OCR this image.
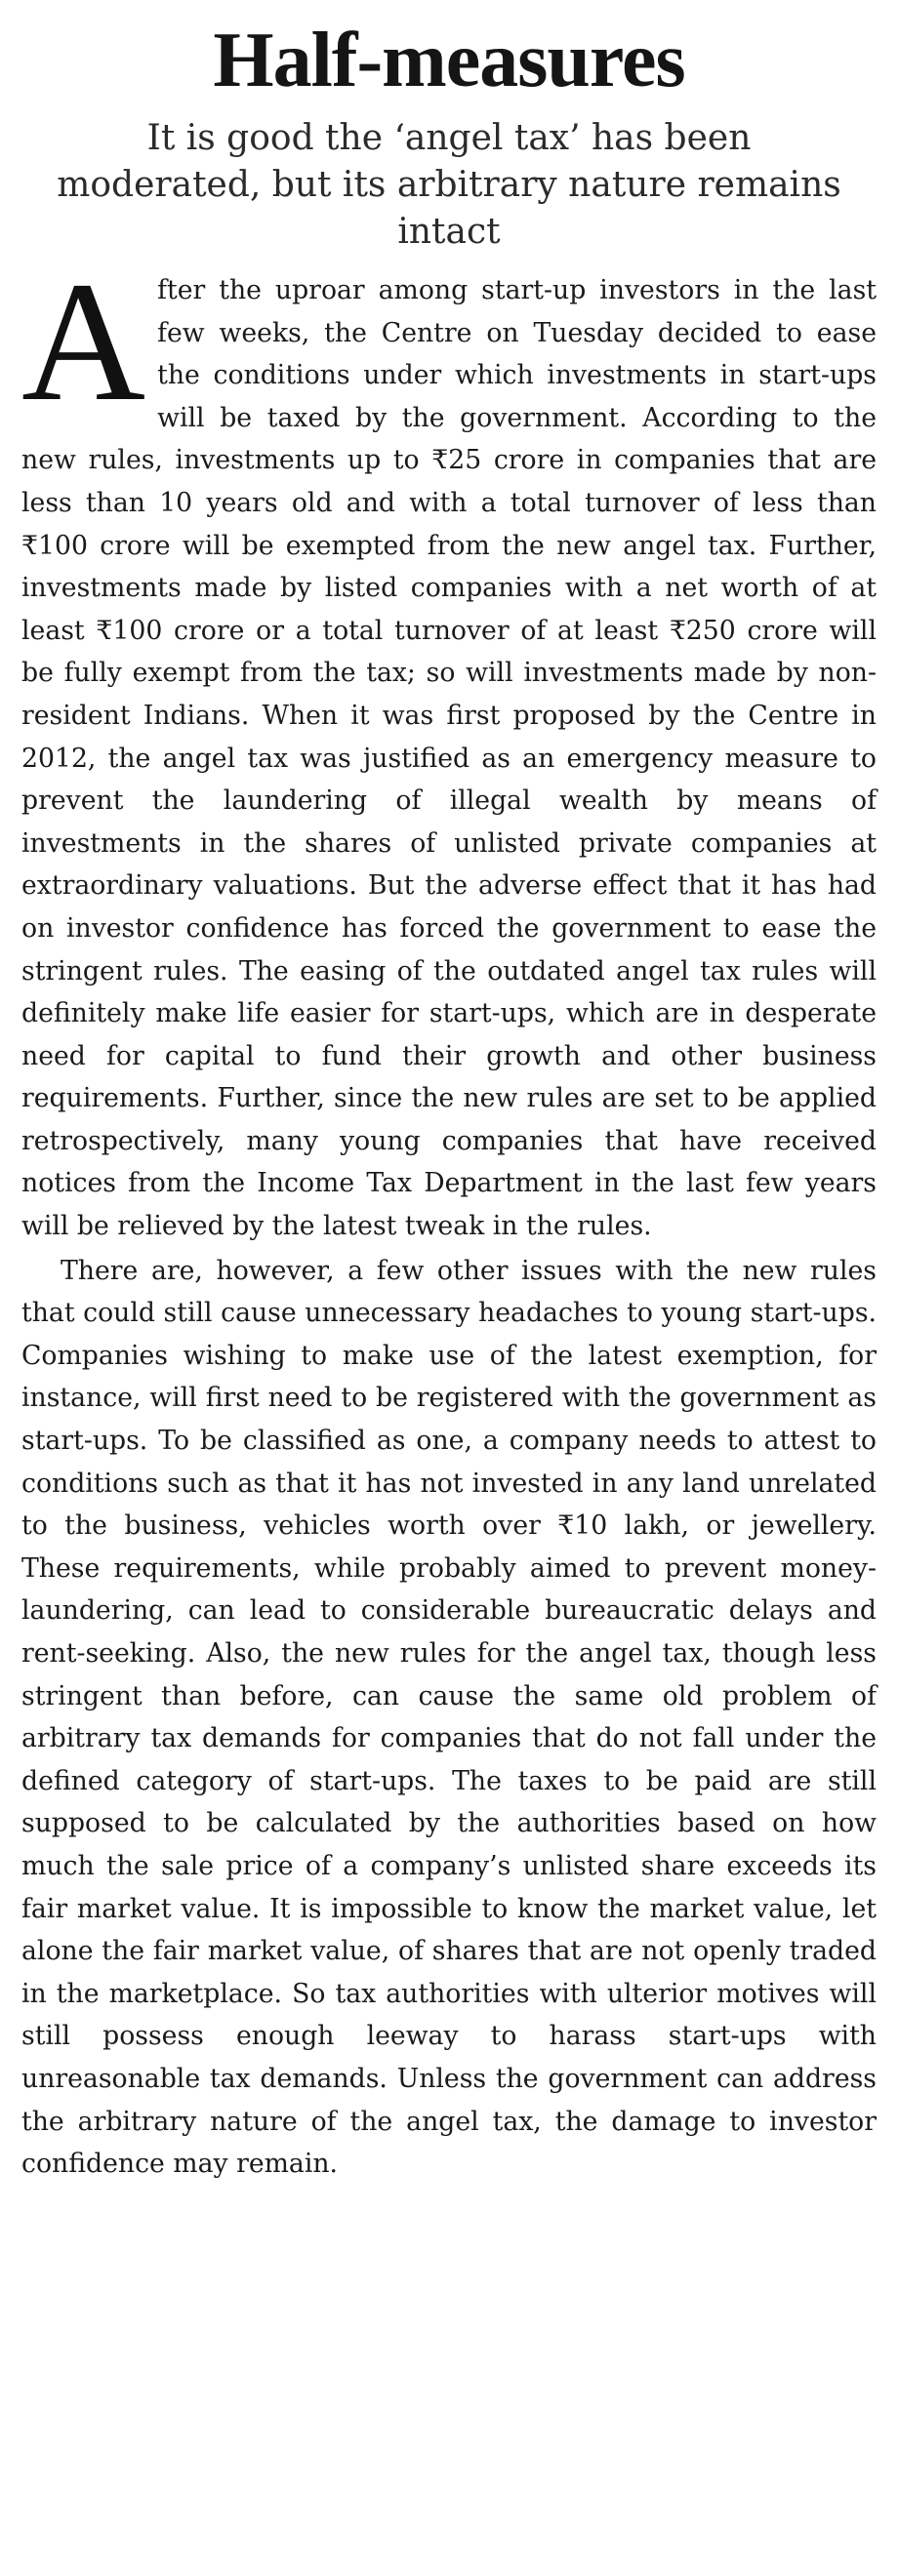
Half-measures
It is good the ‘angel tax’ has been moderated, but its arbitrary nature remains intact

After the uproar among start-up investors in the last few weeks, the Centre on Tuesday decided to ease the conditions under which investments in start-ups will be taxed by the government. According to the new rules, investments up to ₹25 crore in companies that are less than 10 years old and with a total turnover of less than ₹100 crore will be exempted from the new angel tax. Further, investments made by listed companies with a net worth of at least ₹100 crore or a total turnover of at least ₹250 crore will be fully exempt from the tax; so will investments made by non-resident Indians. When it was first proposed by the Centre in 2012, the angel tax was justified as an emergency measure to prevent the laundering of illegal wealth by means of investments in the shares of unlisted private companies at extraordinary valuations. But the adverse effect that it has had on investor confidence has forced the government to ease the stringent rules. The easing of the outdated angel tax rules will definitely make life easier for start-ups, which are in desperate need for capital to fund their growth and other business requirements. Further, since the new rules are set to be applied retrospectively, many young companies that have received notices from the Income Tax Department in the last few years will be relieved by the latest tweak in the rules.

There are, however, a few other issues with the new rules that could still cause unnecessary headaches to young start-ups. Companies wishing to make use of the latest exemption, for instance, will first need to be registered with the government as start-ups. To be classified as one, a company needs to attest to conditions such as that it has not invested in any land unrelated to the business, vehicles worth over ₹10 lakh, or jewellery. These requirements, while probably aimed to prevent money-laundering, can lead to considerable bureaucratic delays and rent-seeking. Also, the new rules for the angel tax, though less stringent than before, can cause the same old problem of arbitrary tax demands for companies that do not fall under the defined category of start-ups. The taxes to be paid are still supposed to be calculated by the authorities based on how much the sale price of a company’s unlisted share exceeds its fair market value. It is impossible to know the market value, let alone the fair market value, of shares that are not openly traded in the marketplace. So tax authorities with ulterior motives will still possess enough leeway to harass start-ups with unreasonable tax demands. Unless the government can address the arbitrary nature of the angel tax, the damage to investor confidence may remain.
